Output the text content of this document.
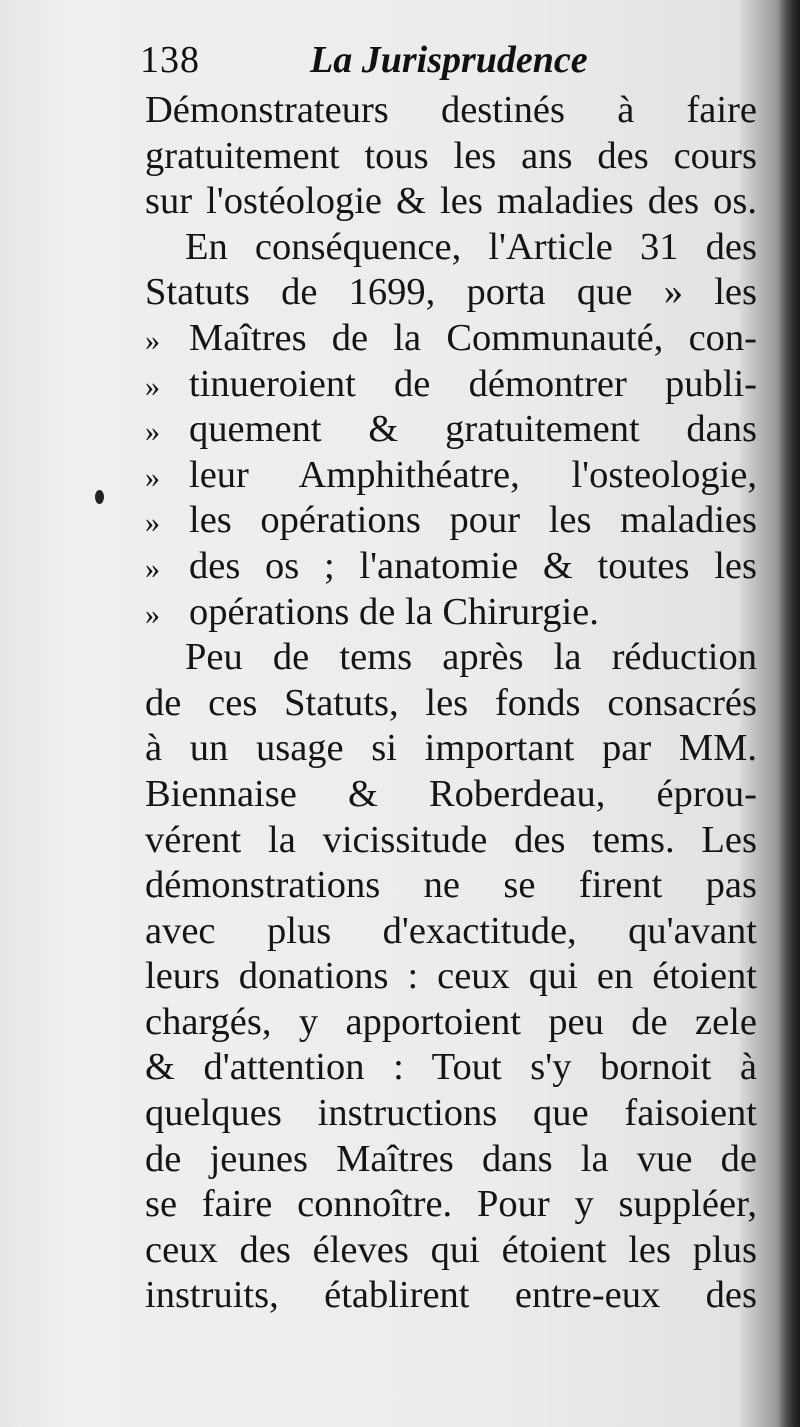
138	La Jurisprudence
Démonstrateurs destinés à faire
gratuitement tous les ans des cours
sur l'ostéologie & les maladies des os.
En conséquence, l'Article 31 des
Statuts de 1699, porta que » les
» Maîtres de la Communauté, con-
» tinueroient de démontrer publi-
» quement & gratuitement dans
» leur Amphithéatre, l'osteologie,
» les opérations pour les maladies
» des os ; l'anatomie & toutes les
» opérations de la Chirurgie.
Peu de tems après la réduction
de ces Statuts, les fonds consacrés
à un usage si important par MM.
Biennaise & Roberdeau, éprou-
vérent la vicissitude des tems. Les
démonstrations ne se firent pas
avec plus d'exactitude, qu'avant
leurs donations : ceux qui en étoient
chargés, y apportoient peu de zele
& d'attention : Tout s'y bornoit à
quelques instructions que faisoient
de jeunes Maîtres dans la vue de
se faire connoître. Pour y suppléer,
ceux des éleves qui étoient les plus
instruits, établirent entre-eux des
